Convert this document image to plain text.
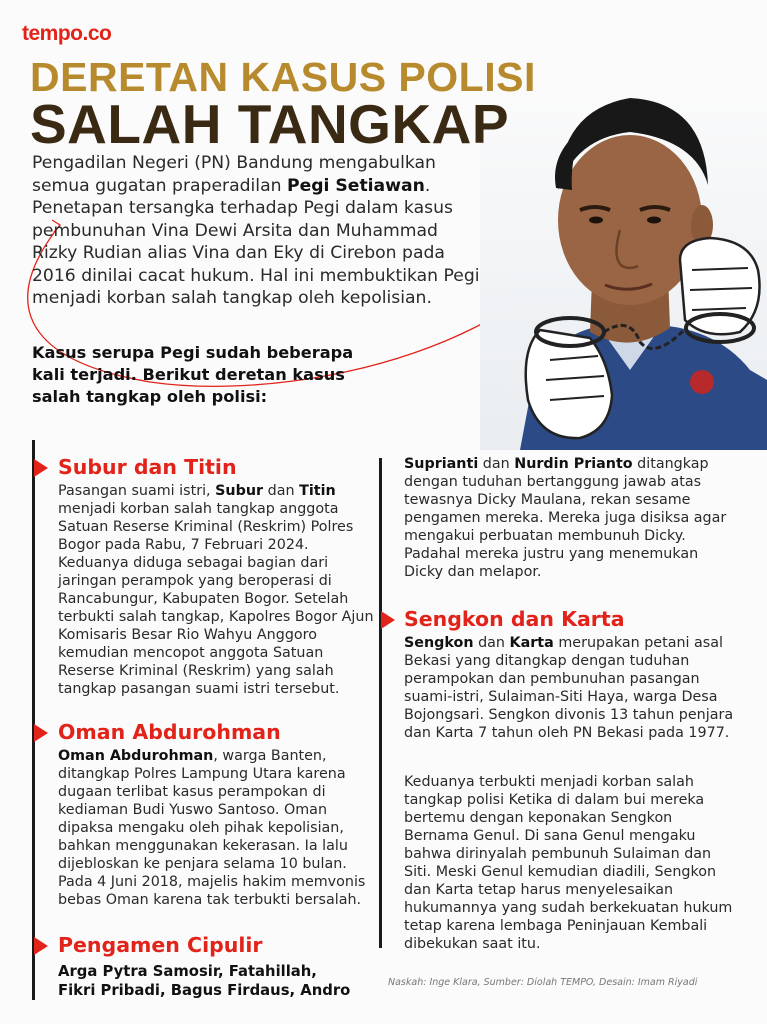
tempo.co
DERETAN KASUS POLISI
SALAH TANGKAP
Pengadilan Negeri (PN) Bandung mengabulkan semua gugatan praperadilan Pegi Setiawan. Penetapan tersangka terhadap Pegi dalam kasus pembunuhan Vina Dewi Arsita dan Muhammad Rizky Rudian alias Vina dan Eky di Cirebon pada 2016 dinilai cacat hukum. Hal ini membuktikan Pegi menjadi korban salah tangkap oleh kepolisian.
Kasus serupa Pegi sudah beberapa kali terjadi. Berikut deretan kasus salah tangkap oleh polisi:
Subur dan Titin
Pasangan suami istri, Subur dan Titin menjadi korban salah tangkap anggota Satuan Reserse Kriminal (Reskrim) Polres Bogor pada Rabu, 7 Februari 2024. Keduanya diduga sebagai bagian dari jaringan perampok yang beroperasi di Rancabungur, Kabupaten Bogor. Setelah terbukti salah tangkap, Kapolres Bogor Ajun Komisaris Besar Rio Wahyu Anggoro kemudian mencopot anggota Satuan Reserse Kriminal (Reskrim) yang salah tangkap pasangan suami istri tersebut.
Oman Abdurohman
Oman Abdurohman, warga Banten, ditangkap Polres Lampung Utara karena dugaan terlibat kasus perampokan di kediaman Budi Yuswo Santoso. Oman dipaksa mengaku oleh pihak kepolisian, bahkan menggunakan kekerasan. Ia lalu dijebloskan ke penjara selama 10 bulan. Pada 4 Juni 2018, majelis hakim memvonis bebas Oman karena tak terbukti bersalah.
Pengamen Cipulir
Arga Pytra Samosir, Fatahillah, Fikri Pribadi, Bagus Firdaus, Andro
Suprianti dan Nurdin Prianto ditangkap dengan tuduhan bertanggung jawab atas tewasnya Dicky Maulana, rekan sesame pengamen mereka. Mereka juga disiksa agar mengakui perbuatan membunuh Dicky. Padahal mereka justru yang menemukan Dicky dan melapor.
Sengkon dan Karta
Sengkon dan Karta merupakan petani asal Bekasi yang ditangkap dengan tuduhan perampokan dan pembunuhan pasangan suami-istri, Sulaiman-Siti Haya, warga Desa Bojongsari. Sengkon divonis 13 tahun penjara dan Karta 7 tahun oleh PN Bekasi pada 1977.
Keduanya terbukti menjadi korban salah tangkap polisi Ketika di dalam bui mereka bertemu dengan keponakan Sengkon Bernama Genul. Di sana Genul mengaku bahwa dirinyalah pembunuh Sulaiman dan Siti. Meski Genul kemudian diadili, Sengkon dan Karta tetap harus menyelesaikan hukumannya yang sudah berkekuatan hukum tetap karena lembaga Peninjauan Kembali dibekukan saat itu.
Naskah: Inge Klara, Sumber: Diolah TEMPO, Desain: Imam Riyadi
